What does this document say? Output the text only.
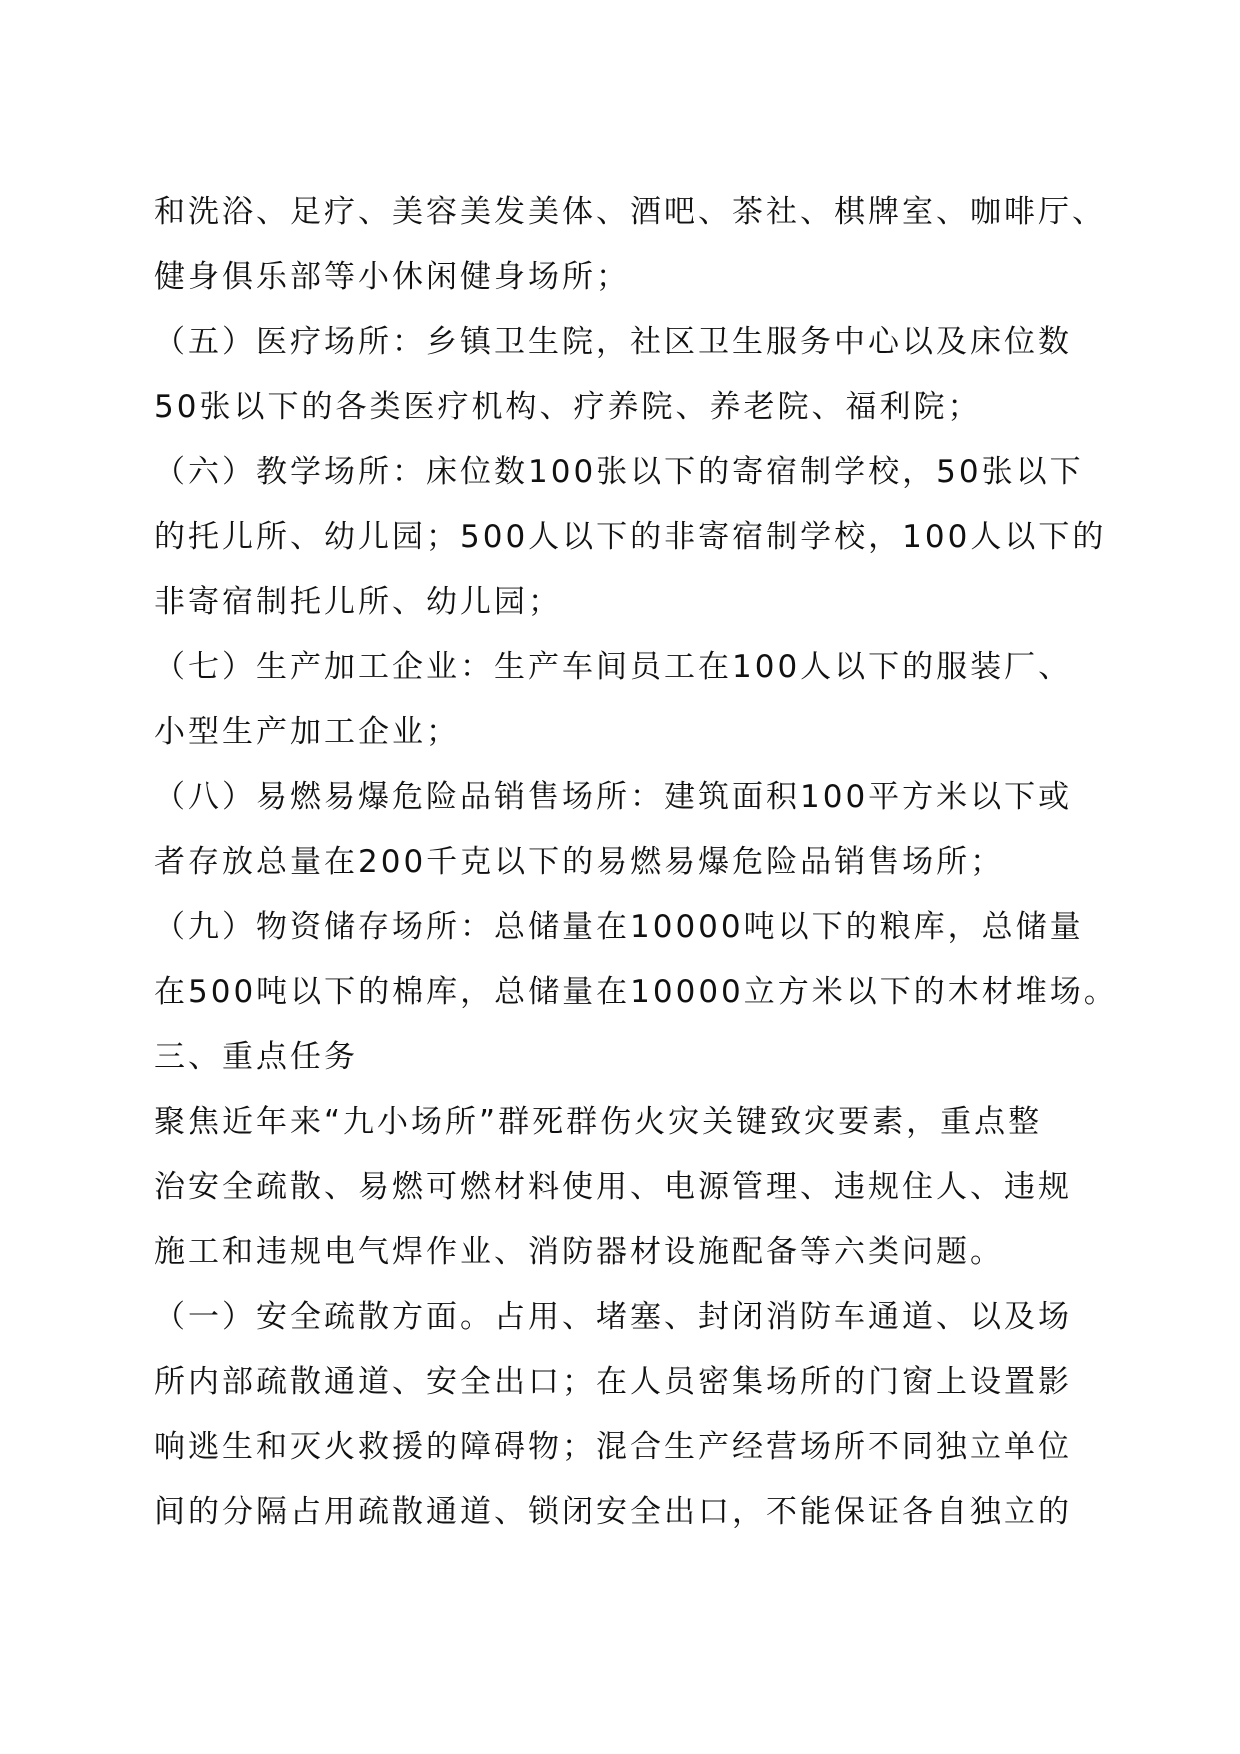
和洗浴、足疗、美容美发美体、酒吧、茶社、棋牌室、咖啡厅、
健身俱乐部等小休闲健身场所；
（五）医疗场所：乡镇卫生院，社区卫生服务中心以及床位数
50张以下的各类医疗机构、疗养院、养老院、福利院；
（六）教学场所：床位数100张以下的寄宿制学校，50张以下
的托儿所、幼儿园；500人以下的非寄宿制学校，100人以下的
非寄宿制托儿所、幼儿园；
（七）生产加工企业：生产车间员工在100人以下的服装厂、
小型生产加工企业；
（八）易燃易爆危险品销售场所：建筑面积100平方米以下或
者存放总量在200千克以下的易燃易爆危险品销售场所；
（九）物资储存场所：总储量在10000吨以下的粮库，总储量
在500吨以下的棉库，总储量在10000立方米以下的木材堆场。
三、重点任务
聚焦近年来“九小场所”群死群伤火灾关键致灾要素，重点整
治安全疏散、易燃可燃材料使用、电源管理、违规住人、违规
施工和违规电气焊作业、消防器材设施配备等六类问题。
（一）安全疏散方面。占用、堵塞、封闭消防车通道、以及场
所内部疏散通道、安全出口；在人员密集场所的门窗上设置影
响逃生和灭火救援的障碍物；混合生产经营场所不同独立单位
间的分隔占用疏散通道、锁闭安全出口，不能保证各自独立的
